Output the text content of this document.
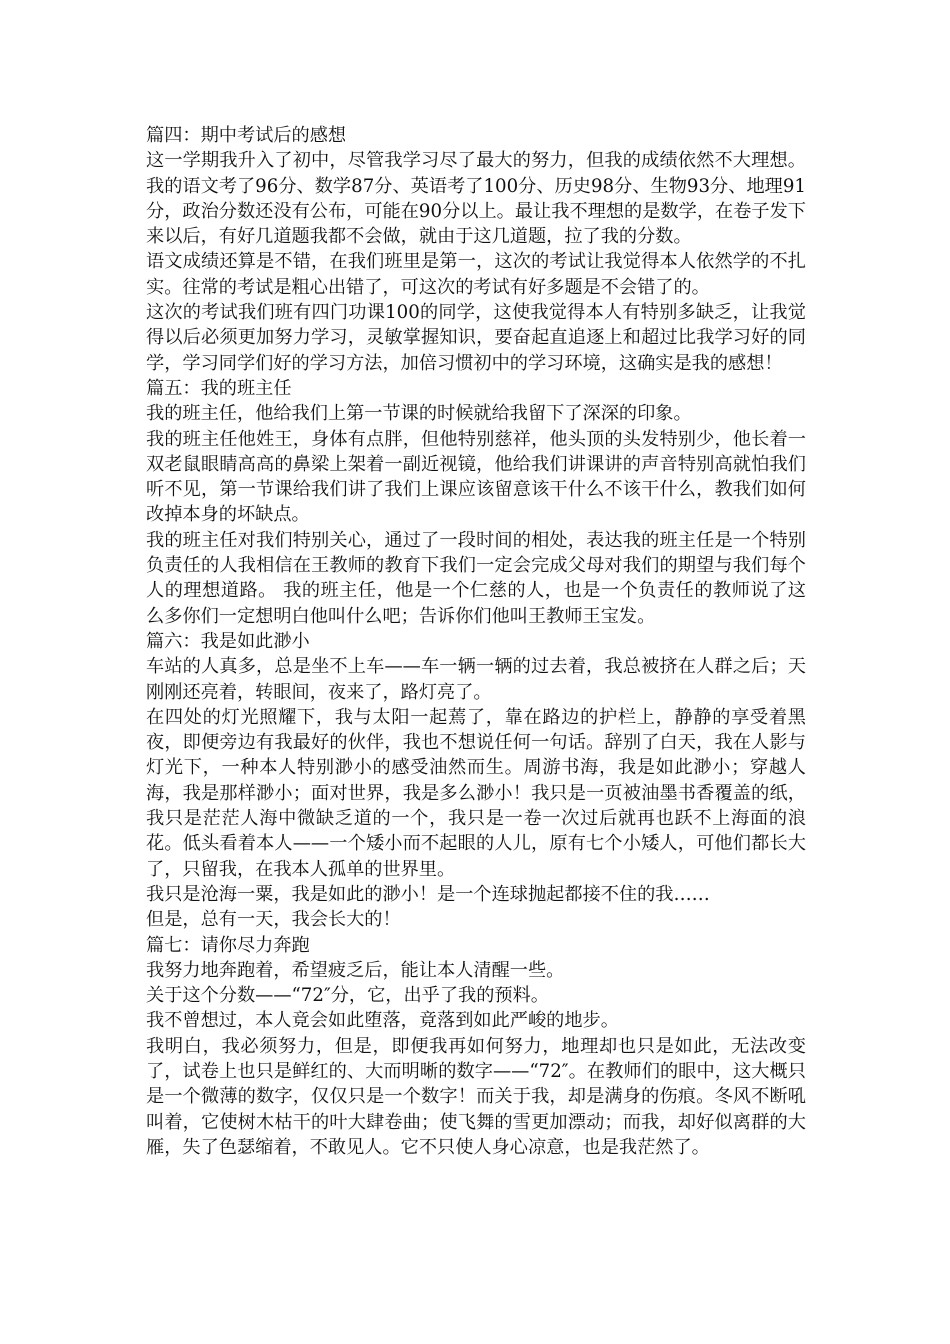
篇四：期中考试后的感想

这一学期我升入了初中，尽管我学习尽了最大的努力，但我的成绩依然不大理想。我的语文考了96分、数学87分、英语考了100分、历史98分、生物93分、地理91分，政治分数还没有公布，可能在90分以上。最让我不理想的是数学，在卷子发下来以后，有好几道题我都不会做，就由于这几道题，拉了我的分数。

语文成绩还算是不错，在我们班里是第一，这次的考试让我觉得本人依然学的不扎实。往常的考试是粗心出错了，可这次的考试有好多题是不会错了的。

这次的考试我们班有四门功课100的同学，这使我觉得本人有特别多缺乏，让我觉得以后必须更加努力学习，灵敏掌握知识，要奋起直追逐上和超过比我学习好的同学，学习同学们好的学习方法，加倍习惯初中的学习环境，这确实是我的感想！

篇五：我的班主任

我的班主任，他给我们上第一节课的时候就给我留下了深深的印象。

我的班主任他姓王，身体有点胖，但他特别慈祥，他头顶的头发特别少，他长着一双老鼠眼睛高高的鼻梁上架着一副近视镜，他给我们讲课讲的声音特别高就怕我们听不见，第一节课给我们讲了我们上课应该留意该干什么不该干什么，教我们如何改掉本身的坏缺点。

我的班主任对我们特别关心，通过了一段时间的相处，表达我的班主任是一个特别负责任的人我相信在王教师的教育下我们一定会完成父母对我们的期望与我们每个人的理想道路。 我的班主任，他是一个仁慈的人，也是一个负责任的教师说了这么多你们一定想明白他叫什么吧；告诉你们他叫王教师王宝发。

篇六：我是如此渺小

车站的人真多，总是坐不上车——车一辆一辆的过去着，我总被挤在人群之后；天刚刚还亮着，转眼间，夜来了，路灯亮了。

在四处的灯光照耀下，我与太阳一起蔫了，靠在路边的护栏上，静静的享受着黑夜，即便旁边有我最好的伙伴，我也不想说任何一句话。辞别了白天，我在人影与灯光下，一种本人特别渺小的感受油然而生。周游书海，我是如此渺小；穿越人海，我是那样渺小；面对世界，我是多么渺小！我只是一页被油墨书香覆盖的纸，我只是茫茫人海中微缺乏道的一个，我只是一卷一次过后就再也跃不上海面的浪花。低头看着本人——一个矮小而不起眼的人儿，原有七个小矮人，可他们都长大了，只留我，在我本人孤单的世界里。

我只是沧海一粟，我是如此的渺小！是一个连球抛起都接不住的我……

但是，总有一天，我会长大的！

篇七：请你尽力奔跑

我努力地奔跑着，希望疲乏后，能让本人清醒一些。

关于这个分数——“72″分，它，出乎了我的预料。

我不曾想过，本人竟会如此堕落，竟落到如此严峻的地步。

我明白，我必须努力，但是，即便我再如何努力，地理却也只是如此，无法改变了，试卷上也只是鲜红的、大而明晰的数字——“72″。在教师们的眼中，这大概只是一个微薄的数字，仅仅只是一个数字！而关于我，却是满身的伤痕。冬风不断吼叫着，它使树木枯干的叶大肆卷曲；使飞舞的雪更加漂动；而我，却好似离群的大雁，失了色瑟缩着，不敢见人。它不只使人身心凉意，也是我茫然了。
